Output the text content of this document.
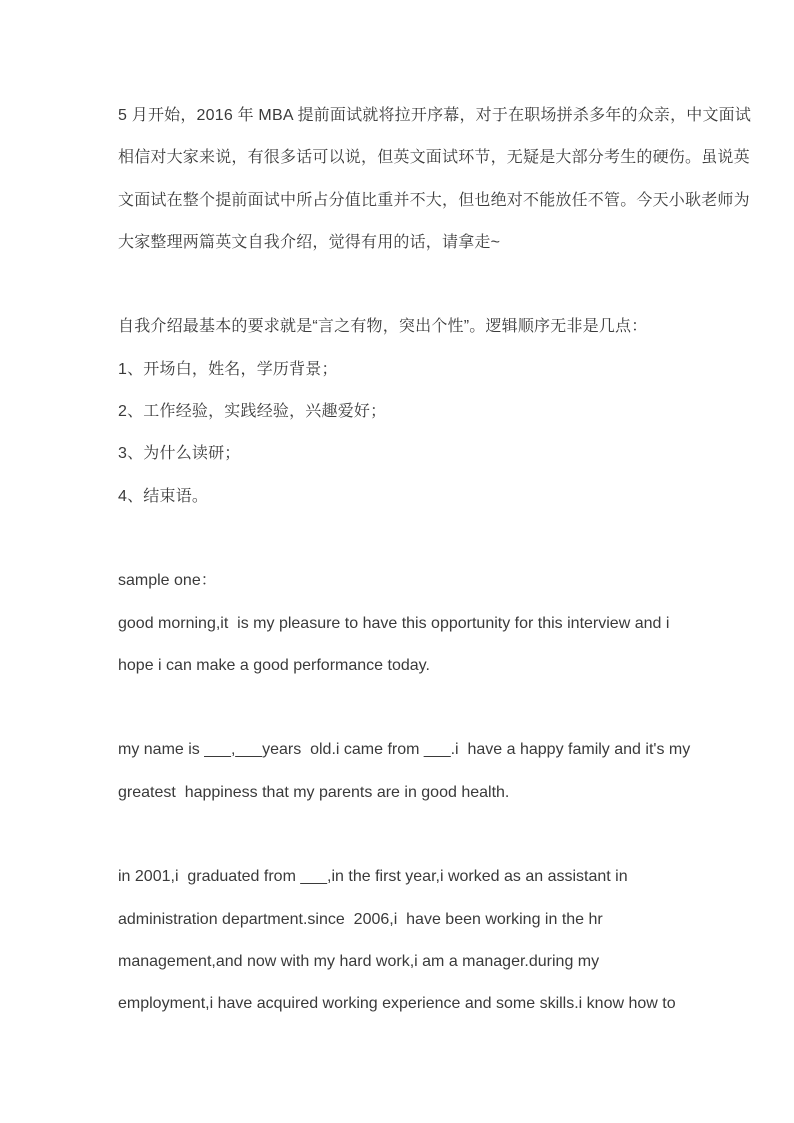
5 月开始，2016 年 MBA 提前面试就将拉开序幕，对于在职场拼杀多年的众亲，中文面试
相信对大家来说，有很多话可以说，但英文面试环节，无疑是大部分考生的硬伤。虽说英
文面试在整个提前面试中所占分值比重并不大，但也绝对不能放任不管。今天小耿老师为
大家整理两篇英文自我介绍，觉得有用的话，请拿走~
自我介绍最基本的要求就是“言之有物，突出个性”。逻辑顺序无非是几点：
1、开场白，姓名，学历背景；
2、工作经验，实践经验，兴趣爱好；
3、为什么读研；
4、结束语。
sample one：
good morning,it  is my pleasure to have this opportunity for this interview and i
hope i can make a good performance today.
my name is ___,___years  old.i came from ___.i  have a happy family and it's my
greatest  happiness that my parents are in good health.
in 2001,i  graduated from ___,in the first year,i worked as an assistant in
administration department.since  2006,i  have been working in the hr
management,and now with my hard work,i am a manager.during my
employment,i have acquired working experience and some skills.i know how to
